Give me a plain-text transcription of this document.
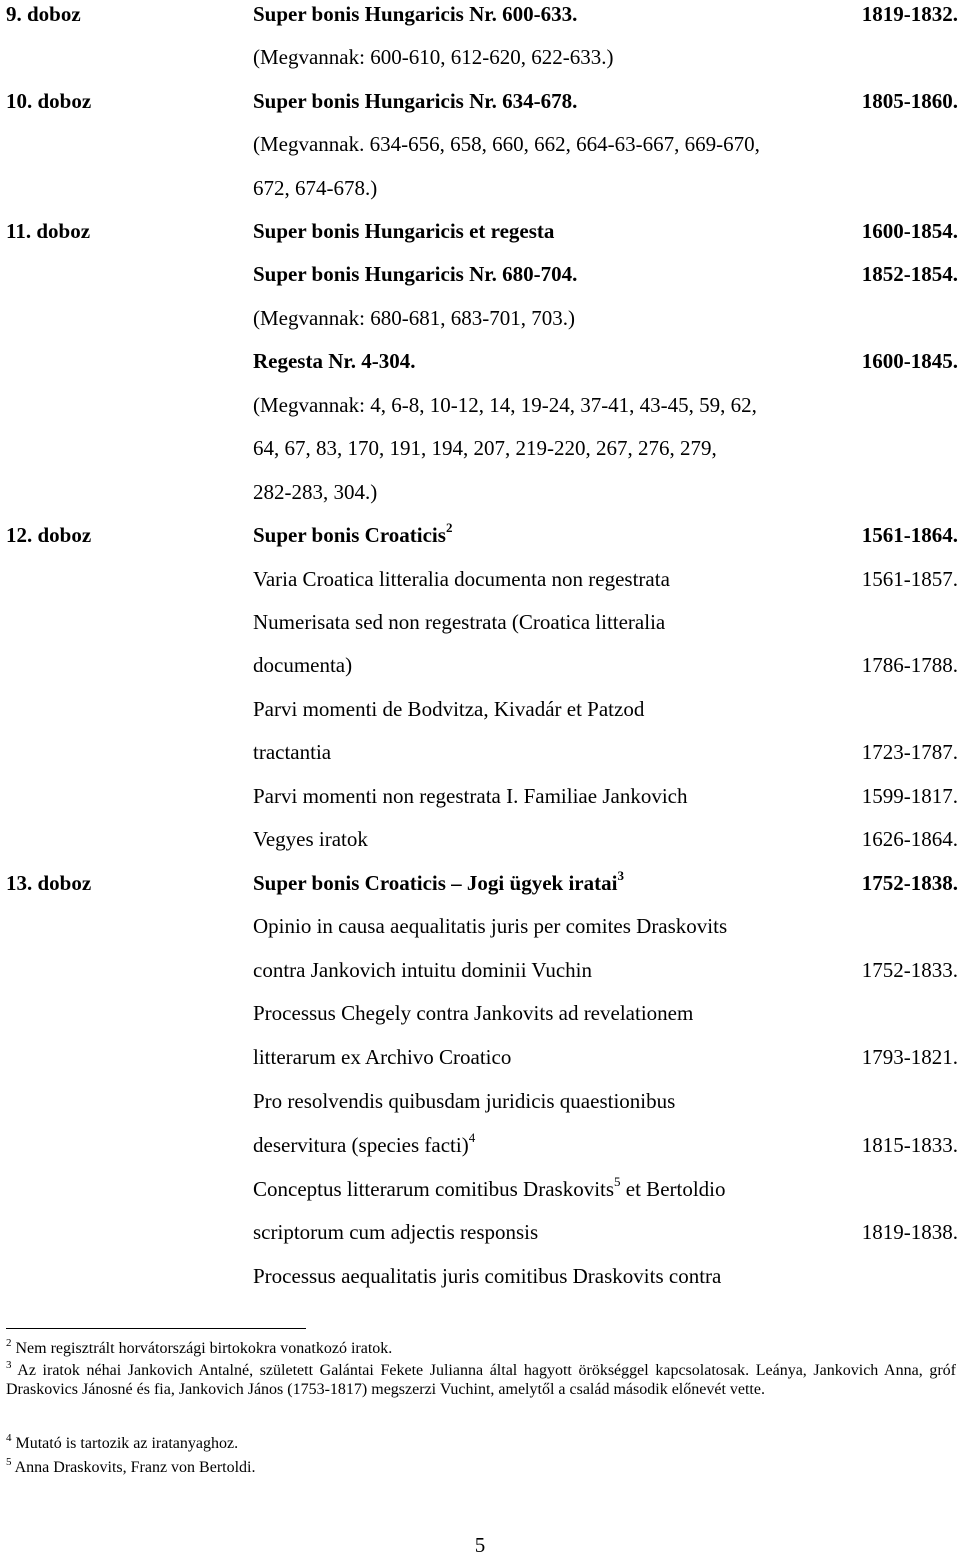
9. doboz	Super bonis Hungaricis Nr. 600-633.	1819-1832.
(Megvannak: 600-610, 612-620, 622-633.)
10. doboz	Super bonis Hungaricis Nr. 634-678.	1805-1860.
(Megvannak. 634-656, 658, 660, 662, 664-63-667, 669-670,
672, 674-678.)
11. doboz	Super bonis Hungaricis et regesta	1600-1854.
Super bonis Hungaricis Nr. 680-704.	1852-1854.
(Megvannak: 680-681, 683-701, 703.)
Regesta Nr. 4-304.	1600-1845.
(Megvannak: 4, 6-8, 10-12, 14, 19-24, 37-41, 43-45, 59, 62,
64, 67, 83, 170, 191, 194, 207, 219-220, 267, 276, 279,
282-283, 304.)
12. doboz	Super bonis Croaticis$^2$	1561-1864.
Varia Croatica litteralia documenta non regestrata	1561-1857.
Numerisata sed non regestrata (Croatica litteralia
documenta)	1786-1788.
Parvi momenti de Bodvitza, Kivadár et Patzod
tractantia	1723-1787.
Parvi momenti non regestrata I. Familiae Jankovich	1599-1817.
Vegyes iratok	1626-1864.
13. doboz	Super bonis Croaticis – Jogi ügyek iratai$^3$	1752-1838.
Opinio in causa aequalitatis juris per comites Draskovits
contra Jankovich intuitu dominii Vuchin	1752-1833.
Processus Chegely contra Jankovits ad revelationem
litterarum ex Archivo Croatico	1793-1821.
Pro resolvendis quibusdam juridicis quaestionibus
deservitura (species facti)$^4$	1815-1833.
Conceptus litterarum comitibus Draskovits$^5$ et Bertoldio
scriptorum cum adjectis responsis	1819-1838.
Processus aequalitatis juris comitibus Draskovits contra
$^2$ Nem regisztrált horvátországi birtokokra vonatkozó iratok.
$^3$ Az iratok néhai Jankovich Antalné, született Galántai Fekete Julianna által hagyott örökséggel kapcsolatosak. Leánya, Jankovich Anna, gróf Draskovics Jánosné és fia, Jankovich János (1753-1817) megszerzi Vuchint, amelytől a család második előnevét vette.
$^4$ Mutató is tartozik az iratanyaghoz.
$^5$ Anna Draskovits, Franz von Bertoldi.
5
